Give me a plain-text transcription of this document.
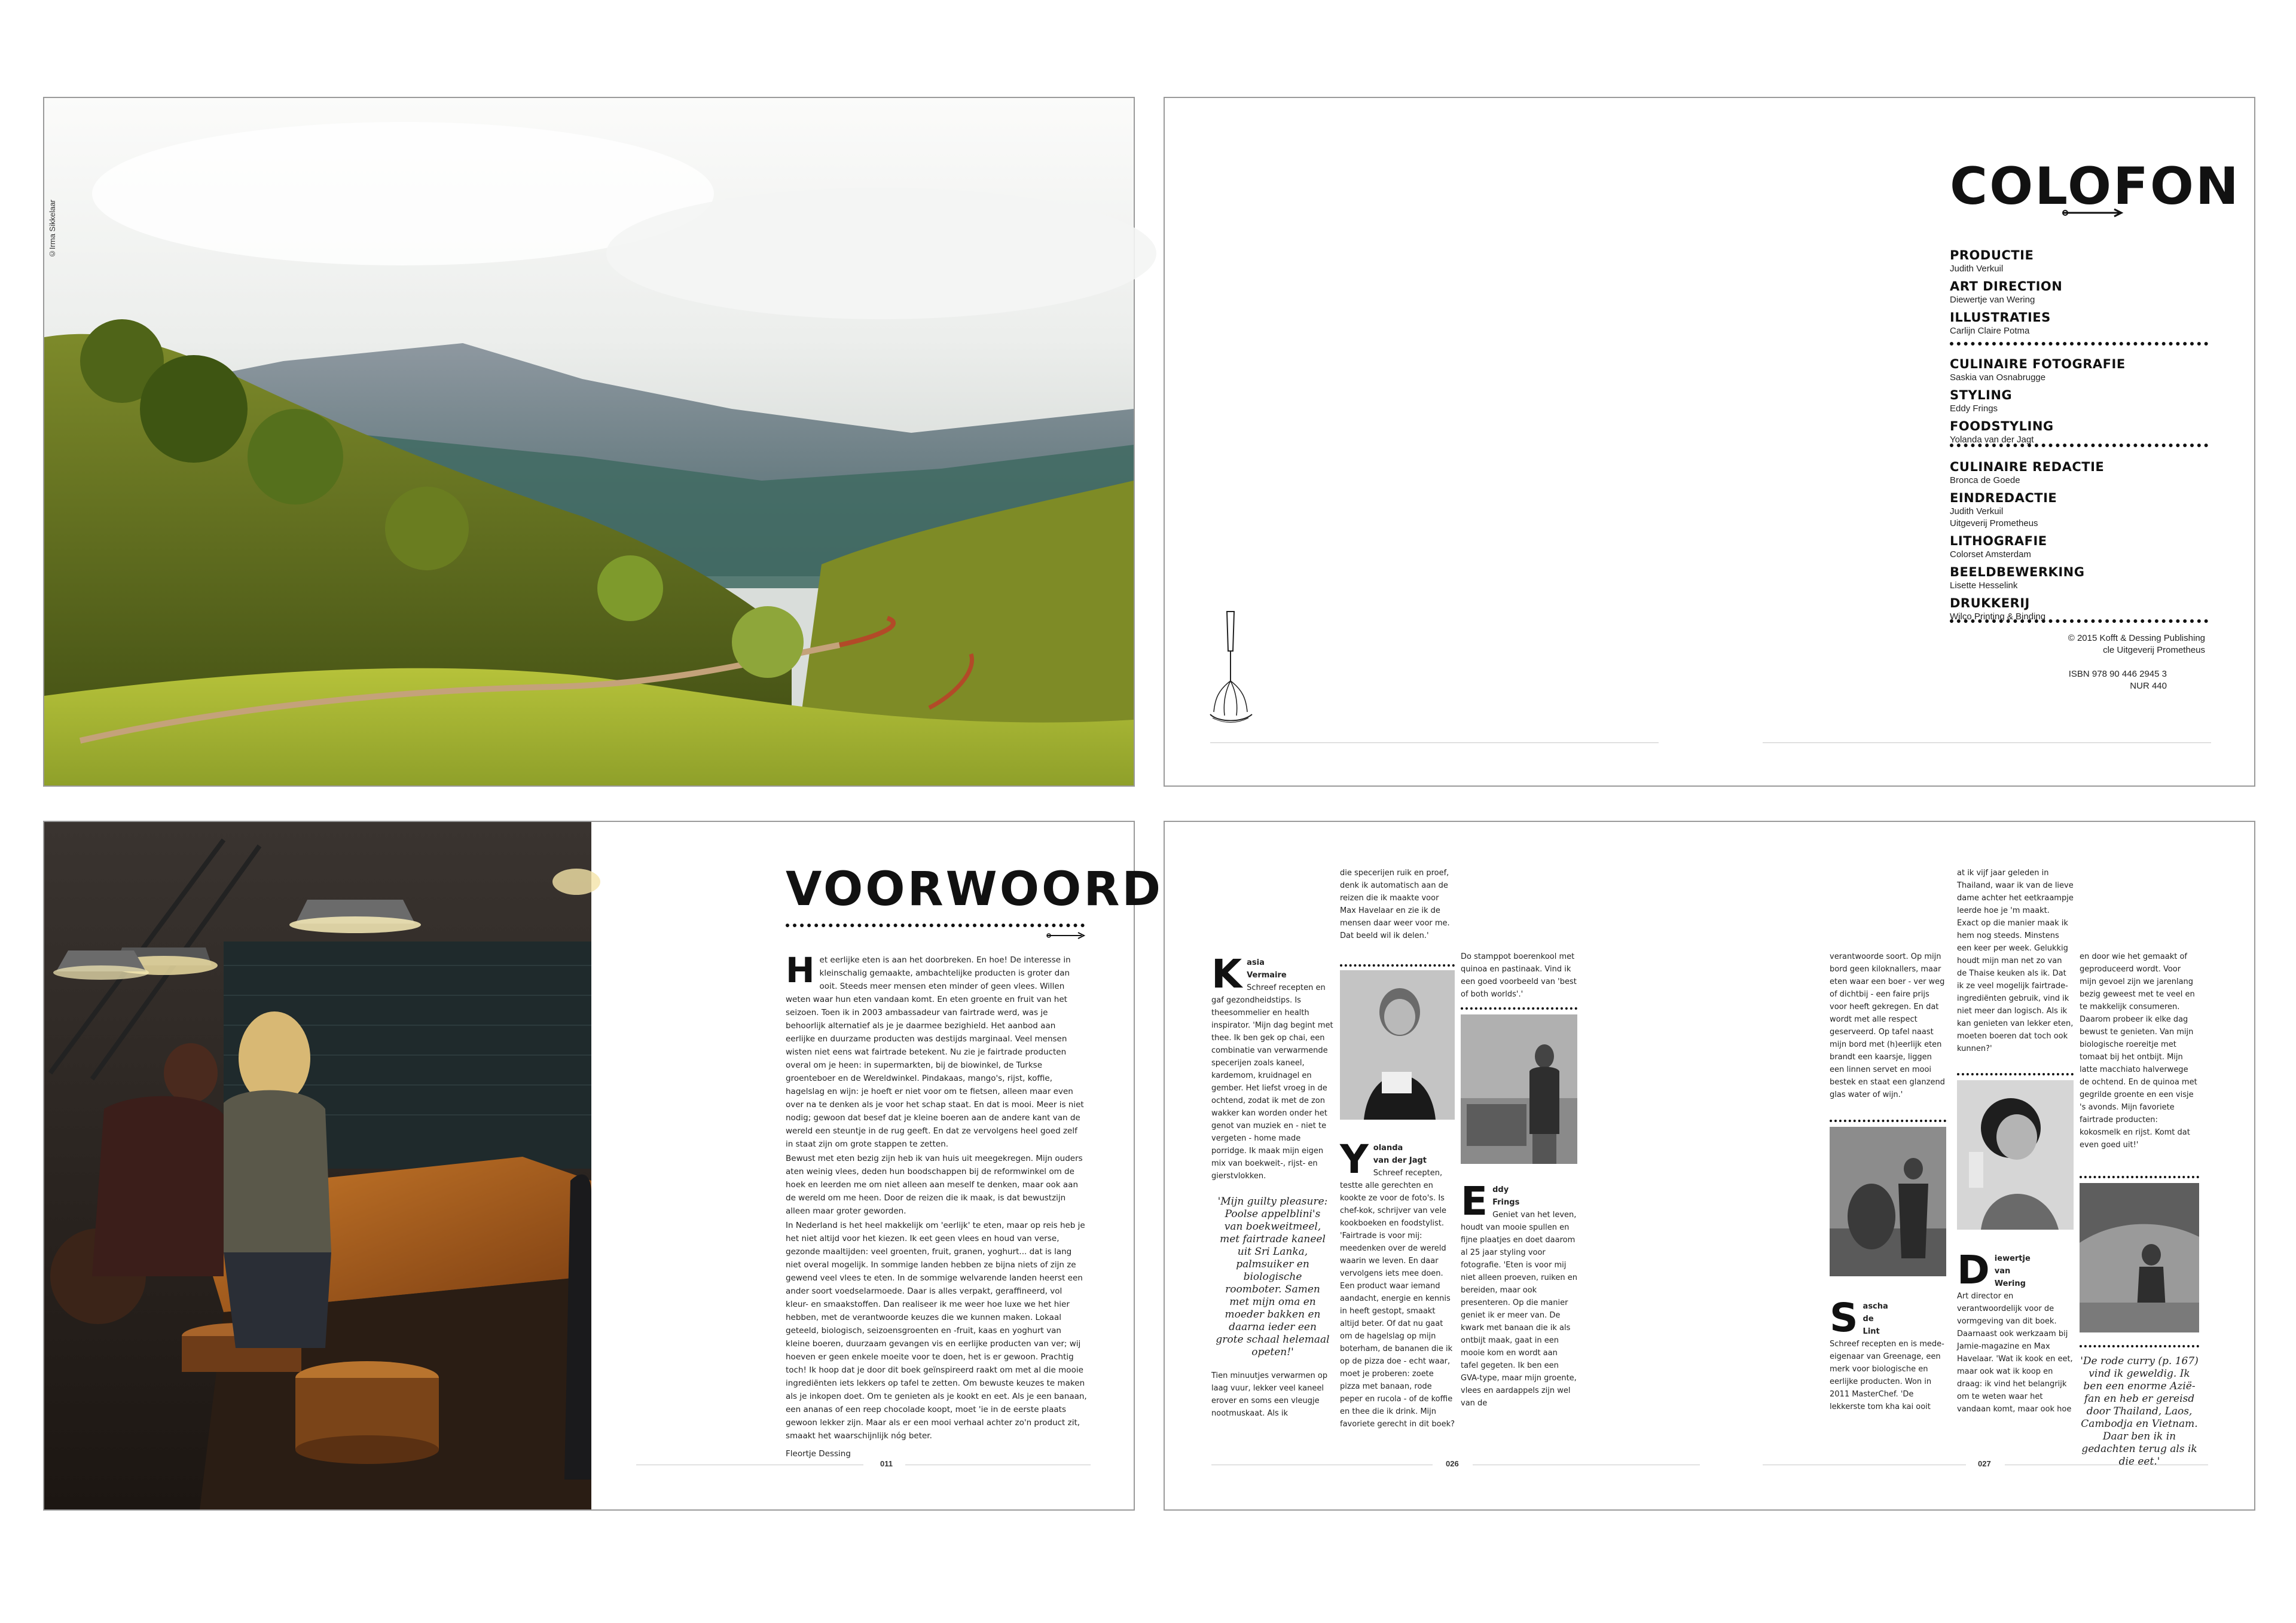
©Irma Sikkelaar
COLOFON
PRODUCTIE
Judith Verkuil
ART DIRECTION
Diewertje van Wering
ILLUSTRATIES
Carlijn Claire Potma
CULINAIRE FOTOGRAFIE
Saskia van Osnabrugge
STYLING
Eddy Frings
FOODSTYLING
Yolanda van der Jagt
CULINAIRE REDACTIE
Bronca de Goede
EINDREDACTIE
Judith Verkuil
Uitgeverij Prometheus
LITHOGRAFIE
Colorset Amsterdam
BEELDBEWERKING
Lisette Hesselink
DRUKKERIJ
Wilco Printing & Binding
© 2015 Kofft & Dessing Publishing
cle Uitgeverij Prometheus
ISBN 978 90 446 2945 3
NUR 440
VOORWOORD
H et eerlijke eten is aan het doorbreken. En hoe! De interesse in kleinschalig gemaakte, ambachtelijke producten is groter dan ooit. Steeds meer mensen eten minder of geen vlees. Willen weten waar hun eten vandaan komt. En eten groente en fruit van het seizoen. Toen ik in 2003 ambassadeur van fairtrade werd, was je behoorlijk alternatief als je je daarmee bezighield. Het aanbod aan eerlijke en duurzame producten was destijds marginaal. Veel mensen wisten niet eens wat fairtrade betekent. Nu zie je fairtrade producten overal om je heen: in supermarkten, bij de biowinkel, de Turkse groenteboer en de Wereldwinkel. Pindakaas, mango's, rijst, koffie, hagelslag en wijn: je hoeft er niet voor om te fietsen, alleen maar even over na te denken als je voor het schap staat. En dat is mooi. Meer is niet nodig; gewoon dat besef dat je kleine boeren aan de andere kant van de wereld een steuntje in de rug geeft. En dat ze vervolgens heel goed zelf in staat zijn om grote stappen te zetten.

Bewust met eten bezig zijn heb ik van huis uit meegekregen. Mijn ouders aten weinig vlees, deden hun boodschappen bij de reformwinkel om de hoek en leerden me om niet alleen aan meself te denken, maar ook aan de wereld om me heen. Door de reizen die ik maak, is dat bewustzijn alleen maar groter geworden.

In Nederland is het heel makkelijk om 'eerlijk' te eten, maar op reis heb je het niet altijd voor het kiezen. Ik eet geen vlees en houd van verse, gezonde maaltijden: veel groenten, fruit, granen, yoghurt... dat is lang niet overal mogelijk. In sommige landen hebben ze bijna niets of zijn ze gewend veel vlees te eten. In de sommige welvarende landen heerst een ander soort voedselarmoede. Daar is alles verpakt, geraffineerd, vol kleur- en smaakstoffen. Dan realiseer ik me weer hoe luxe we het hier hebben, met de verantwoorde keuzes die we kunnen maken. Lokaal geteeld, biologisch, seizoensgroenten en -fruit, kaas en yoghurt van kleine boeren, duurzaam gevangen vis en eerlijke producten van ver; wij hoeven er geen enkele moeite voor te doen, het is er gewoon. Prachtig toch! Ik hoop dat je door dit boek geïnspireerd raakt om met al die mooie ingrediënten iets lekkers op tafel te zetten. Om bewuste keuzes te maken als je inkopen doet. Om te genieten als je kookt en eet. Als je een banaan, een ananas of een reep chocolade koopt, moet 'ie in de eerste plaats gewoon lekker zijn. Maar als er een mooi verhaal achter zo'n product zit, smaakt het waarschijnlijk nóg beter.

Fleortje Dessing

011
K asia
Vermaire

Schreef recepten en gaf gezondheidstips. Is theesommelier en health inspirator. 'Mijn dag begint met thee. Ik ben gek op chai, een combinatie van verwarmende specerijen zoals kaneel, kardemom, kruidnagel en gember. Het liefst vroeg in de ochtend, zodat ik met de zon wakker kan worden onder het genot van muziek en - niet te vergeten - home made porridge. Ik maak mijn eigen mix van boekweit-, rijst- en gierstvlokken.

'Mijn guilty pleasure: Poolse appelblini's van boekweitmeel, met fairtrade kaneel uit Sri Lanka, palmsuiker en biologische roomboter. Samen met mijn oma en moeder bakken en daarna ieder een grote schaal helemaal opeten!'

Tien minuutjes verwarmen op laag vuur, lekker veel kaneel erover en soms een vleugje nootmuskaat. Als ik

die specerijen ruik en proef, denk ik automatisch aan de reizen die ik maakte voor Max Havelaar en zie ik de mensen daar weer voor me. Dat beeld wil ik delen.'

Y olanda
van der Jagt

Schreef recepten, testte alle gerechten en kookte ze voor de foto's. Is chef-kok, schrijver van vele kookboeken en foodstylist. 'Fairtrade is voor mij: meedenken over de wereld waarin we leven. En daar vervolgens iets mee doen. Een product waar iemand aandacht, energie en kennis in heeft gestopt, smaakt altijd beter. Of dat nu gaat om de hagelslag op mijn boterham, de bananen die ik op de pizza doe - echt waar, moet je proberen: zoete pizza met banaan, rode peper en rucola - of de koffie en thee die ik drink. Mijn favoriete gerecht in dit boek?

Do stamppot boerenkool met quinoa en pastinaak. Vind ik een goed voorbeeld van 'best of both worlds'.'

E ddy
Frings

Geniet van het leven, houdt van mooie spullen en fijne plaatjes en doet daarom al 25 jaar styling voor fotografie. 'Eten is voor mij niet alleen proeven, ruiken en bereiden, maar ook presenteren. Op die manier geniet ik er meer van. De kwark met banaan die ik als ontbijt maak, gaat in een mooie kom en wordt aan tafel gegeten. Ik ben een GVA-type, maar mijn groente, vlees en aardappels zijn wel van de

026

verantwoorde soort. Op mijn bord geen kiloknallers, maar eten waar een boer - ver weg of dichtbij - een faire prijs voor heeft gekregen. En dat wordt met alle respect geserveerd. Op tafel naast mijn bord met (h)eerlijk eten brandt een kaarsje, liggen een linnen servet en mooi bestek en staat een glanzend glas water of wijn.'

S ascha
de
Lint

Schreef recepten en is mede-eigenaar van Greenage, een merk voor biologische en eerlijke producten. Won in 2011 MasterChef. 'De lekkerste tom kha kai ooit

at ik vijf jaar geleden in Thailand, waar ik van de lieve dame achter het eetkraampje leerde hoe je 'm maakt. Exact op die manier maak ik hem nog steeds. Minstens een keer per week. Gelukkig houdt mijn man net zo van de Thaise keuken als ik. Dat ik ze veel mogelijk fairtrade-ingrediënten gebruik, vind ik niet meer dan logisch. Als ik kan genieten van lekker eten, moeten boeren dat toch ook kunnen?'

D iewertje
van
Wering

Art director en verantwoordelijk voor de vormgeving van dit boek. Daarnaast ook werkzaam bij Jamie-magazine en Max Havelaar. 'Wat ik kook en eet, maar ook wat ik koop en draag: ik vind het belangrijk om te weten waar het vandaan komt, maar ook hoe

en door wie het gemaakt of geproduceerd wordt. Voor mijn gevoel zijn we jarenlang bezig geweest met te veel en te makkelijk consumeren. Daarom probeer ik elke dag bewust te genieten. Van mijn biologische roereitje met tomaat bij het ontbijt. Mijn latte macchiato halverwege de ochtend. En de quinoa met gegrilde groente en een visje 's avonds. Mijn favoriete fairtrade producten: kokosmelk en rijst. Komt dat even goed uit!'

'De rode curry (p. 167) vind ik geweldig. Ik ben een enorme Azië-fan en heb er gereisd door Thailand, Laos, Cambodja en Vietnam. Daar ben ik in gedachten terug als ik die eet.'
027
